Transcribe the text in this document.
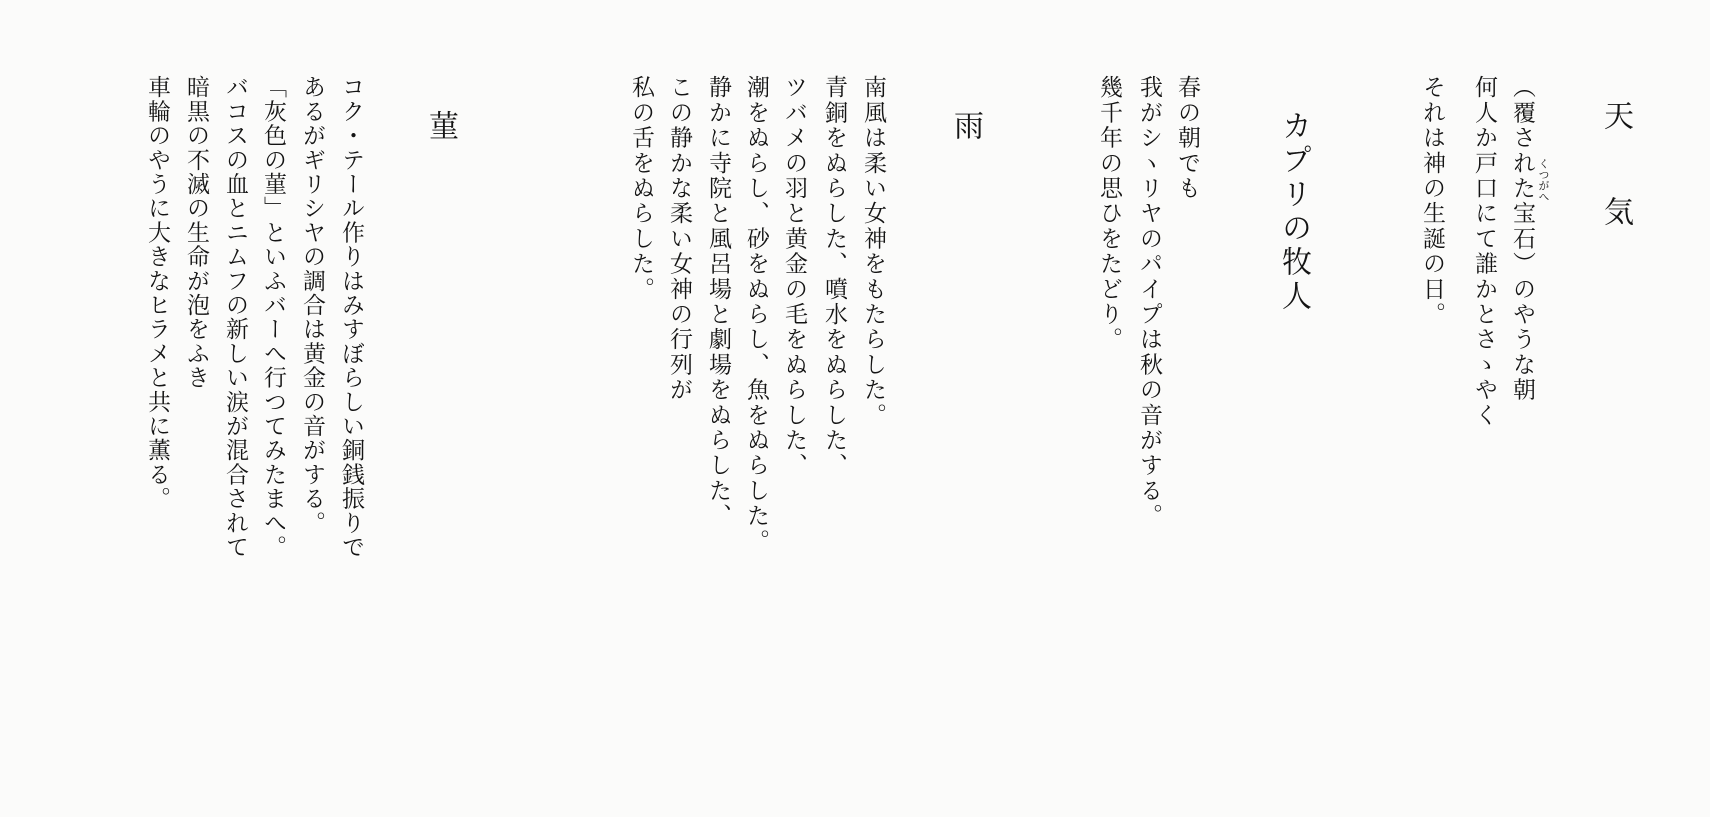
天　気
くつがへ
（覆された宝石）のやうな朝
何人か戸口にて誰かとさゝやく
それは神の生誕の日。
カプリの牧人
春の朝でも
我がシヽリヤのパイプは秋の音がする。
幾千年の思ひをたどり。
雨
南風は柔い女神をもたらした。
青銅をぬらした、噴水をぬらした、
ツバメの羽と黄金の毛をぬらした、
潮をぬらし、砂をぬらし、魚をぬらした。
静かに寺院と風呂場と劇場をぬらした、
この静かな柔い女神の行列が
私の舌をぬらした。
菫
コク・テール作りはみすぼらしい銅銭振りで
あるがギリシヤの調合は黄金の音がする。
「灰色の菫」といふバーへ行つてみたまへ。
バコスの血とニムフの新しい涙が混合されて
暗黒の不滅の生命が泡をふき
車輪のやうに大きなヒラメと共に薫る。
